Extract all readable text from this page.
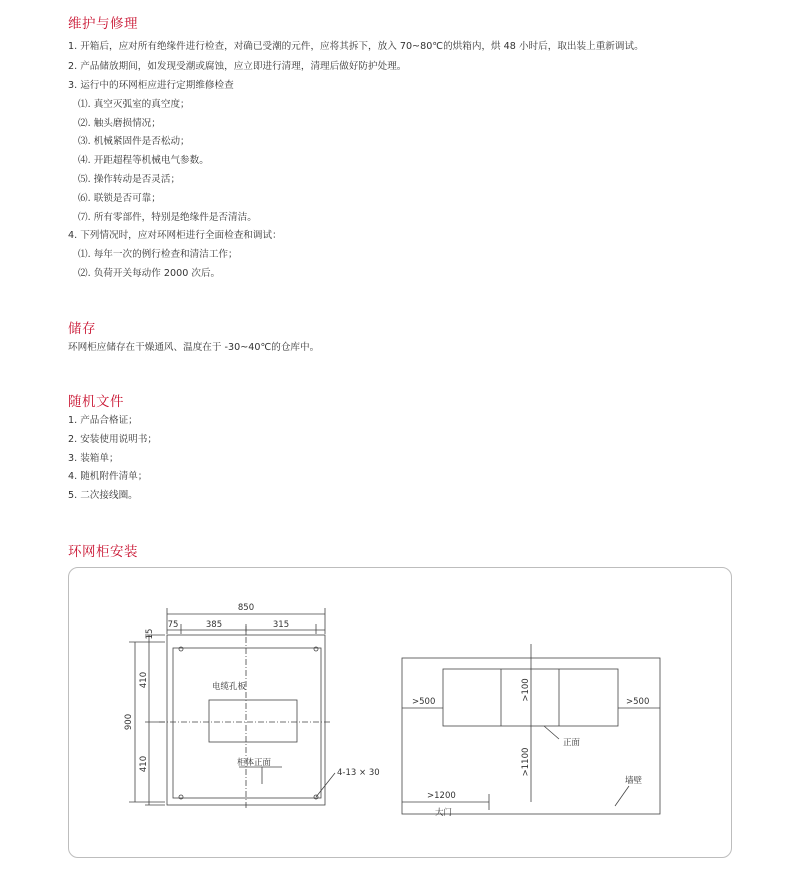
维护与修理

1. 开箱后，应对所有绝缘件进行检查，对确已受潮的元件，应将其拆下，放入 70~80℃的烘箱内，烘 48 小时后，取出装上重新调试。

2. 产品储放期间，如发现受潮或腐蚀，应立即进行清理，清理后做好防护处理。

3. 运行中的环网柜应进行定期维修检查

⑴. 真空灭弧室的真空度；

⑵. 触头磨损情况；

⑶. 机械紧固件是否松动；

⑷. 开距超程等机械电气参数。

⑸. 操作转动是否灵活；

⑹. 联锁是否可靠；

⑺. 所有零部件，特别是绝缘件是否清洁。

4. 下列情况时，应对环网柜进行全面检查和调试：

⑴. 每年一次的例行检查和清洁工作；

⑵. 负荷开关每动作 2000 次后。

储存

环网柜应储存在干燥通风、温度在于 -30~40℃的仓库中。

随机文件

1. 产品合格证；

2. 安装使用说明书；

3. 装箱单；

4. 随机附件清单；

5. 二次接线圈。

环网柜安装
850
75	385	315
15
900
410
410
电缆孔板
柜体正面
4-13 × 30
>500	>500
>100
>1100
>1200
正面
墙壁
大门
